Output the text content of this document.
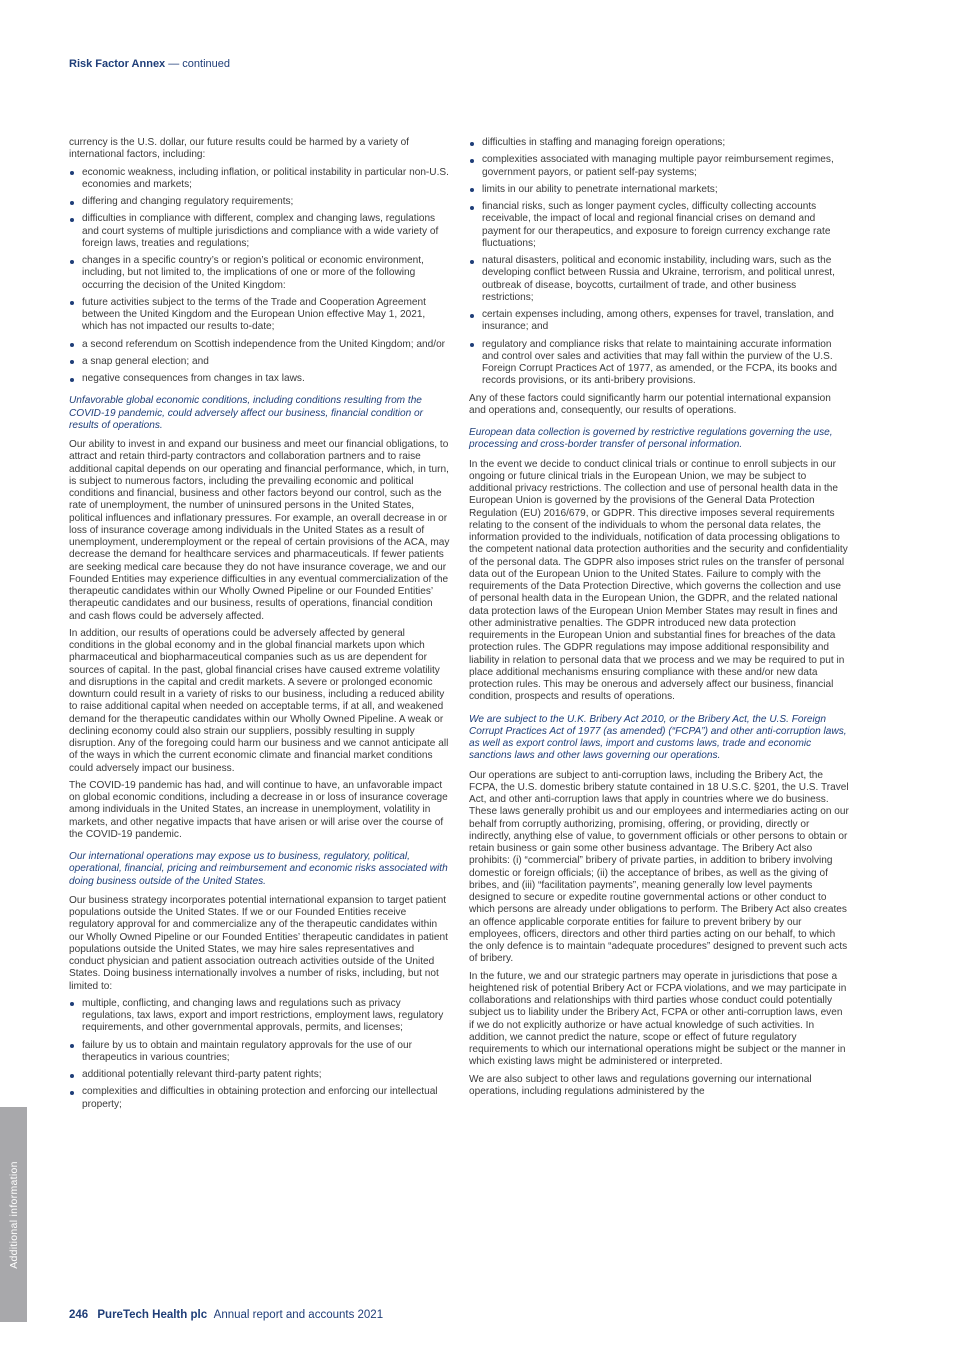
Risk Factor Annex — continued

currency is the U.S. dollar, our future results could be harmed by a variety of international factors, including:

economic weakness, including inflation, or political instability in particular non-U.S. economies and markets;
differing and changing regulatory requirements;
difficulties in compliance with different, complex and changing laws, regulations and court systems of multiple jurisdictions and compliance with a wide variety of foreign laws, treaties and regulations;
changes in a specific country’s or region’s political or economic environment, including, but not limited to, the implications of one or more of the following occurring the decision of the United Kingdom:
future activities subject to the terms of the Trade and Cooperation Agreement between the United Kingdom and the European Union effective May 1, 2021, which has not impacted our results to-date;
a second referendum on Scottish independence from the United Kingdom; and/or
a snap general election; and
negative consequences from changes in tax laws.

Unfavorable global economic conditions, including conditions resulting from the COVID-19 pandemic, could adversely affect our business, financial condition or results of operations.

Our ability to invest in and expand our business and meet our financial obligations, to attract and retain third-party contractors and collaboration partners and to raise additional capital depends on our operating and financial performance, which, in turn, is subject to numerous factors, including the prevailing economic and political conditions and financial, business and other factors beyond our control, such as the rate of unemployment, the number of uninsured persons in the United States, political influences and inflationary pressures. For example, an overall decrease in or loss of insurance coverage among individuals in the United States as a result of unemployment, underemployment or the repeal of certain provisions of the ACA, may decrease the demand for healthcare services and pharmaceuticals. If fewer patients are seeking medical care because they do not have insurance coverage, we and our Founded Entities may experience difficulties in any eventual commercialization of the therapeutic candidates within our Wholly Owned Pipeline or our Founded Entities’ therapeutic candidates and our business, results of operations, financial condition and cash flows could be adversely affected.

In addition, our results of operations could be adversely affected by general conditions in the global economy and in the global financial markets upon which pharmaceutical and biopharmaceutical companies such as us are dependent for sources of capital. In the past, global financial crises have caused extreme volatility and disruptions in the capital and credit markets. A severe or prolonged economic downturn could result in a variety of risks to our business, including a reduced ability to raise additional capital when needed on acceptable terms, if at all, and weakened demand for the therapeutic candidates within our Wholly Owned Pipeline. A weak or declining economy could also strain our suppliers, possibly resulting in supply disruption. Any of the foregoing could harm our business and we cannot anticipate all of the ways in which the current economic climate and financial market conditions could adversely impact our business.

The COVID-19 pandemic has had, and will continue to have, an unfavorable impact on global economic conditions, including a decrease in or loss of insurance coverage among individuals in the United States, an increase in unemployment, volatility in markets, and other negative impacts that have arisen or will arise over the course of the COVID-19 pandemic.

Our international operations may expose us to business, regulatory, political, operational, financial, pricing and reimbursement and economic risks associated with doing business outside of the United States.

Our business strategy incorporates potential international expansion to target patient populations outside the United States. If we or our Founded Entities receive regulatory approval for and commercialize any of the therapeutic candidates within our Wholly Owned Pipeline or our Founded Entities’ therapeutic candidates in patient populations outside the United States, we may hire sales representatives and conduct physician and patient association outreach activities outside of the United States. Doing business internationally involves a number of risks, including, but not limited to:

multiple, conflicting, and changing laws and regulations such as privacy regulations, tax laws, export and import restrictions, employment laws, regulatory requirements, and other governmental approvals, permits, and licenses;
failure by us to obtain and maintain regulatory approvals for the use of our therapeutics in various countries;
additional potentially relevant third-party patent rights;
complexities and difficulties in obtaining protection and enforcing our intellectual property;
difficulties in staffing and managing foreign operations;
complexities associated with managing multiple payor reimbursement regimes, government payors, or patient self-pay systems;
limits in our ability to penetrate international markets;
financial risks, such as longer payment cycles, difficulty collecting accounts receivable, the impact of local and regional financial crises on demand and payment for our therapeutics, and exposure to foreign currency exchange rate fluctuations;
natural disasters, political and economic instability, including wars, such as the developing conflict between Russia and Ukraine, terrorism, and political unrest, outbreak of disease, boycotts, curtailment of trade, and other business restrictions;
certain expenses including, among others, expenses for travel, translation, and insurance; and
regulatory and compliance risks that relate to maintaining accurate information and control over sales and activities that may fall within the purview of the U.S. Foreign Corrupt Practices Act of 1977, as amended, or the FCPA, its books and records provisions, or its anti-bribery provisions.

Any of these factors could significantly harm our potential international expansion and operations and, consequently, our results of operations.

European data collection is governed by restrictive regulations governing the use, processing and cross-border transfer of personal information.

In the event we decide to conduct clinical trials or continue to enroll subjects in our ongoing or future clinical trials in the European Union, we may be subject to additional privacy restrictions. The collection and use of personal health data in the European Union is governed by the provisions of the General Data Protection Regulation (EU) 2016/679, or GDPR. This directive imposes several requirements relating to the consent of the individuals to whom the personal data relates, the information provided to the individuals, notification of data processing obligations to the competent national data protection authorities and the security and confidentiality of the personal data. The GDPR also imposes strict rules on the transfer of personal data out of the European Union to the United States. Failure to comply with the requirements of the Data Protection Directive, which governs the collection and use of personal health data in the European Union, the GDPR, and the related national data protection laws of the European Union Member States may result in fines and other administrative penalties. The GDPR introduced new data protection requirements in the European Union and substantial fines for breaches of the data protection rules. The GDPR regulations may impose additional responsibility and liability in relation to personal data that we process and we may be required to put in place additional mechanisms ensuring compliance with these and/or new data protection rules. This may be onerous and adversely affect our business, financial condition, prospects and results of operations.

We are subject to the U.K. Bribery Act 2010, or the Bribery Act, the U.S. Foreign Corrupt Practices Act of 1977 (as amended) (“FCPA”) and other anti-corruption laws, as well as export control laws, import and customs laws, trade and economic sanctions laws and other laws governing our operations.

Our operations are subject to anti-corruption laws, including the Bribery Act, the FCPA, the U.S. domestic bribery statute contained in 18 U.S.C. §201, the U.S. Travel Act, and other anti-corruption laws that apply in countries where we do business. These laws generally prohibit us and our employees and intermediaries acting on our behalf from corruptly authorizing, promising, offering, or providing, directly or indirectly, anything else of value, to government officials or other persons to obtain or retain business or gain some other business advantage. The Bribery Act also prohibits: (i) “commercial” bribery of private parties, in addition to bribery involving domestic or foreign officials; (ii) the acceptance of bribes, as well as the giving of bribes, and (iii) “facilitation payments”, meaning generally low level payments designed to secure or expedite routine governmental actions or other conduct to which persons are already under obligations to perform. The Bribery Act also creates an offence applicable corporate entities for failure to prevent bribery by our employees, officers, directors and other third parties acting on our behalf, to which the only defence is to maintain “adequate procedures” designed to prevent such acts of bribery.

In the future, we and our strategic partners may operate in jurisdictions that pose a heightened risk of potential Bribery Act or FCPA violations, and we may participate in collaborations and relationships with third parties whose conduct could potentially subject us to liability under the Bribery Act, FCPA or other anti-corruption laws, even if we do not explicitly authorize or have actual knowledge of such activities. In addition, we cannot predict the nature, scope or effect of future regulatory requirements to which our international operations might be subject or the manner in which existing laws might be administered or interpreted.

We are also subject to other laws and regulations governing our international operations, including regulations administered by the

Additional information
246 PureTech Health plc Annual report and accounts 2021
